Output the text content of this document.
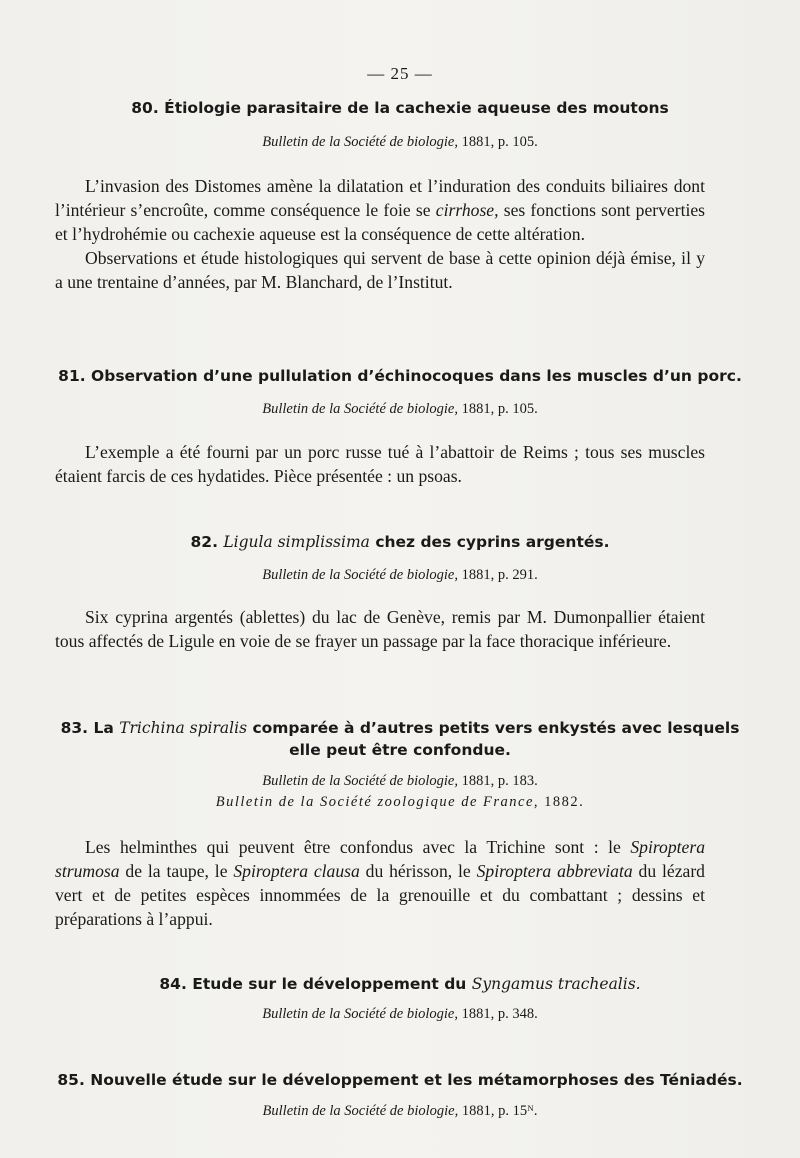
— 25 —
80. Étiologie parasitaire de la cachexie aqueuse des moutons
Bulletin de la Société de biologie, 1881, p. 105.

L’invasion des Distomes amène la dilatation et l’induration des conduits biliaires dont l’intérieur s’encroûte, comme conséquence le foie se cirrhose, ses fonctions sont perverties et l’hydrohémie ou cachexie aqueuse est la conséquence de cette altération.

Observations et étude histologiques qui servent de base à cette opinion déjà émise, il y a une trentaine d’années, par M. Blanchard, de l’Institut.

81. Observation d’une pullulation d’échinocoques dans les muscles d’un porc.
Bulletin de la Société de biologie, 1881, p. 105.

L’exemple a été fourni par un porc russe tué à l’abattoir de Reims ; tous ses muscles étaient farcis de ces hydatides. Pièce présentée : un psoas.

82. Ligula simplissima chez des cyprins argentés.
Bulletin de la Société de biologie, 1881, p. 291.

Six cyprina argentés (ablettes) du lac de Genève, remis par M. Dumonpallier étaient tous affectés de Ligule en voie de se frayer un passage par la face thoracique inférieure.

83. La Trichina spiralis comparée à d’autres petits vers enkystés avec lesquels
elle peut être confondue.
Bulletin de la Société de biologie, 1881, p. 183.
Bulletin de la Société zoologique de France, 1882.

Les helminthes qui peuvent être confondus avec la Trichine sont : le Spiroptera strumosa de la taupe, le Spiroptera clausa du hérisson, le Spiroptera abbreviata du lézard vert et de petites espèces innommées de la grenouille et du combattant ; dessins et préparations à l’appui.

84. Etude sur le développement du Syngamus trachealis.
Bulletin de la Société de biologie, 1881, p. 348.
85. Nouvelle étude sur le développement et les métamorphoses des Téniadés.
Bulletin de la Société de biologie, 1881, p. 15ᴺ.
